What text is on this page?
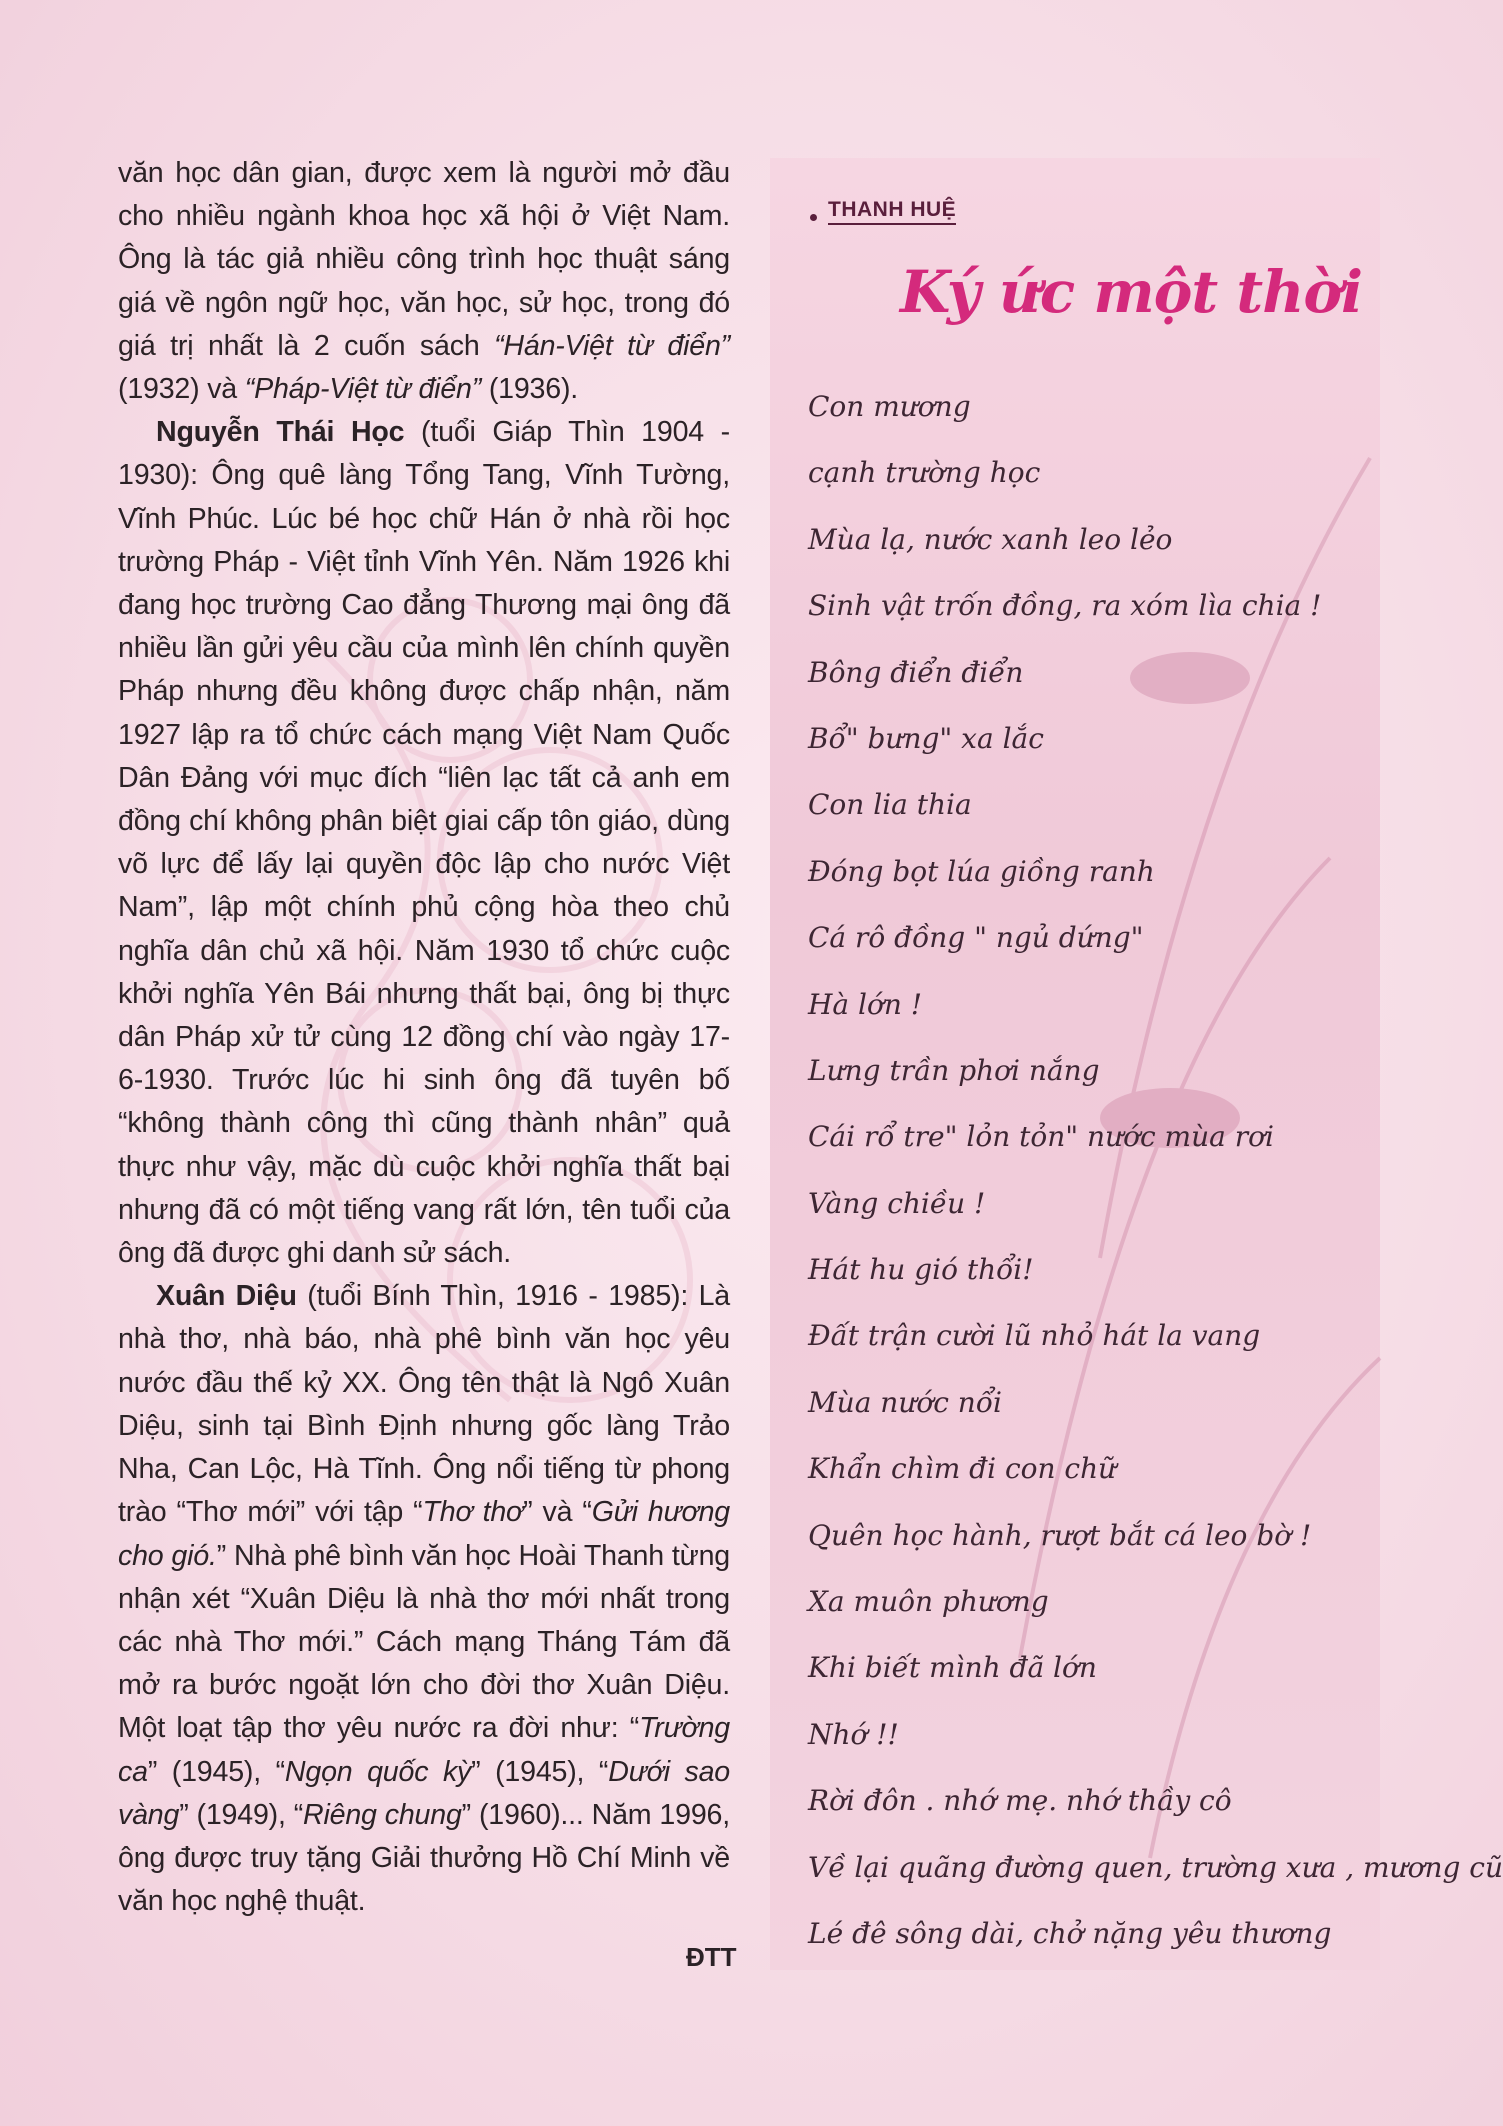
văn học dân gian, được xem là người mở đầu cho nhiều ngành khoa học xã hội ở Việt Nam. Ông là tác giả nhiều công trình học thuật sáng giá về ngôn ngữ học, văn học, sử học, trong đó giá trị nhất là 2 cuốn sách “Hán-Việt từ điển” (1932) và “Pháp-Việt từ điển” (1936).

Nguyễn Thái Học (tuổi Giáp Thìn 1904 - 1930): Ông quê làng Tổng Tang, Vĩnh Tường, Vĩnh Phúc. Lúc bé học chữ Hán ở nhà rồi học trường Pháp - Việt tỉnh Vĩnh Yên. Năm 1926 khi đang học trường Cao đẳng Thương mại ông đã nhiều lần gửi yêu cầu của mình lên chính quyền Pháp nhưng đều không được chấp nhận, năm 1927 lập ra tổ chức cách mạng Việt Nam Quốc Dân Đảng với mục đích “liên lạc tất cả anh em đồng chí không phân biệt giai cấp tôn giáo, dùng võ lực để lấy lại quyền độc lập cho nước Việt Nam”, lập một chính phủ cộng hòa theo chủ nghĩa dân chủ xã hội. Năm 1930 tổ chức cuộc khởi nghĩa Yên Bái nhưng thất bại, ông bị thực dân Pháp xử tử cùng 12 đồng chí vào ngày 17-6-1930. Trước lúc hi sinh ông đã tuyên bố “không thành công thì cũng thành nhân” quả thực như vậy, mặc dù cuộc khởi nghĩa thất bại nhưng đã có một tiếng vang rất lớn, tên tuổi của ông đã được ghi danh sử sách.

Xuân Diệu (tuổi Bính Thìn, 1916 - 1985): Là nhà thơ, nhà báo, nhà phê bình văn học yêu nước đầu thế kỷ XX. Ông tên thật là Ngô Xuân Diệu, sinh tại Bình Định nhưng gốc làng Trảo Nha, Can Lộc, Hà Tĩnh. Ông nổi tiếng từ phong trào “Thơ mới” với tập “Thơ thơ” và “Gửi hương cho gió.” Nhà phê bình văn học Hoài Thanh từng nhận xét “Xuân Diệu là nhà thơ mới nhất trong các nhà Thơ mới.” Cách mạng Tháng Tám đã mở ra bước ngoặt lớn cho đời thơ Xuân Diệu. Một loạt tập thơ yêu nước ra đời như: “Trường ca” (1945), “Ngọn quốc kỳ” (1945), “Dưới sao vàng” (1949), “Riêng chung” (1960)... Năm 1996, ông được truy tặng Giải thưởng Hồ Chí Minh về văn học nghệ thuật.

ĐTT
THANH HUỆ
Ký ức một thời
Con mương
cạnh trường học
Mùa lạ, nước xanh leo lẻo
Sinh vật trốn đồng, ra xóm lìa chia !
Bông điển điển
Bổ" bưng" xa lắc
Con lia thia
Đóng bọt lúa giồng ranh
Cá rô đồng " ngủ dứng"
Hà lớn !
Lưng trần phơi nắng
Cái rổ tre" lỏn tỏn" nước mùa rơi
Vàng chiều !
Hát hu gió thổi!
Đất trận cười lũ nhỏ hát la vang
Mùa nước nổi
Khẩn chìm đi con chữ
Quên học hành, rượt bắt cá leo bờ !
Xa muôn phương
Khi biết mình đã lớn
Nhớ !!
Rời đôn . nhớ mẹ. nhớ thầy cô
Về lại quãng đường quen, trường xưa , mương cũ
Lé đê sông dài, chở nặng yêu thương
